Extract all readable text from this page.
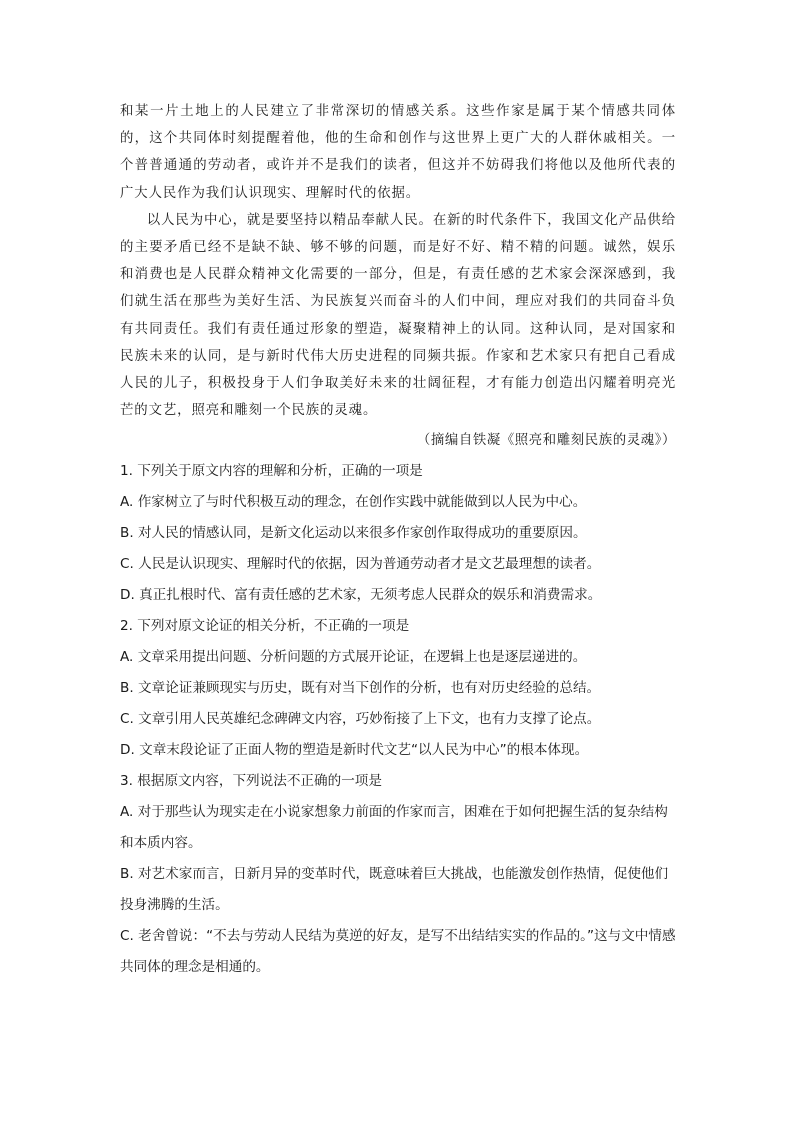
和某一片土地上的人民建立了非常深切的情感关系。这些作家是属于某个情感共同体的，这个共同体时刻提醒着他，他的生命和创作与这世界上更广大的人群休戚相关。一个普普通通的劳动者，或许并不是我们的读者，但这并不妨碍我们将他以及他所代表的广大人民作为我们认识现实、理解时代的依据。

以人民为中心，就是要坚持以精品奉献人民。在新的时代条件下，我国文化产品供给的主要矛盾已经不是缺不缺、够不够的问题，而是好不好、精不精的问题。诚然，娱乐和消费也是人民群众精神文化需要的一部分，但是，有责任感的艺术家会深深感到，我们就生活在那些为美好生活、为民族复兴而奋斗的人们中间，理应对我们的共同奋斗负有共同责任。我们有责任通过形象的塑造，凝聚精神上的认同。这种认同，是对国家和民族未来的认同，是与新时代伟大历史进程的同频共振。作家和艺术家只有把自己看成人民的儿子，积极投身于人们争取美好未来的壮阔征程，才有能力创造出闪耀着明亮光芒的文艺，照亮和雕刻一个民族的灵魂。

（摘编自铁凝《照亮和雕刻民族的灵魂》）

1. 下列关于原文内容的理解和分析，正确的一项是

A. 作家树立了与时代积极互动的理念，在创作实践中就能做到以人民为中心。

B. 对人民的情感认同，是新文化运动以来很多作家创作取得成功的重要原因。

C. 人民是认识现实、理解时代的依据，因为普通劳动者才是文艺最理想的读者。

D. 真正扎根时代、富有责任感的艺术家，无须考虑人民群众的娱乐和消费需求。

2. 下列对原文论证的相关分析，不正确的一项是

A. 文章采用提出问题、分析问题的方式展开论证，在逻辑上也是逐层递进的。

B. 文章论证兼顾现实与历史，既有对当下创作的分析，也有对历史经验的总结。

C. 文章引用人民英雄纪念碑碑文内容，巧妙衔接了上下文，也有力支撑了论点。

D. 文章末段论证了正面人物的塑造是新时代文艺“以人民为中心”的根本体现。

3. 根据原文内容，下列说法不正确的一项是

A. 对于那些认为现实走在小说家想象力前面的作家而言，困难在于如何把握生活的复杂结构和本质内容。

B. 对艺术家而言，日新月异的变革时代，既意味着巨大挑战，也能激发创作热情，促使他们投身沸腾的生活。

C. 老舍曾说：“不去与劳动人民结为莫逆的好友，是写不出结结实实的作品的。”这与文中情感共同体的理念是相通的。
